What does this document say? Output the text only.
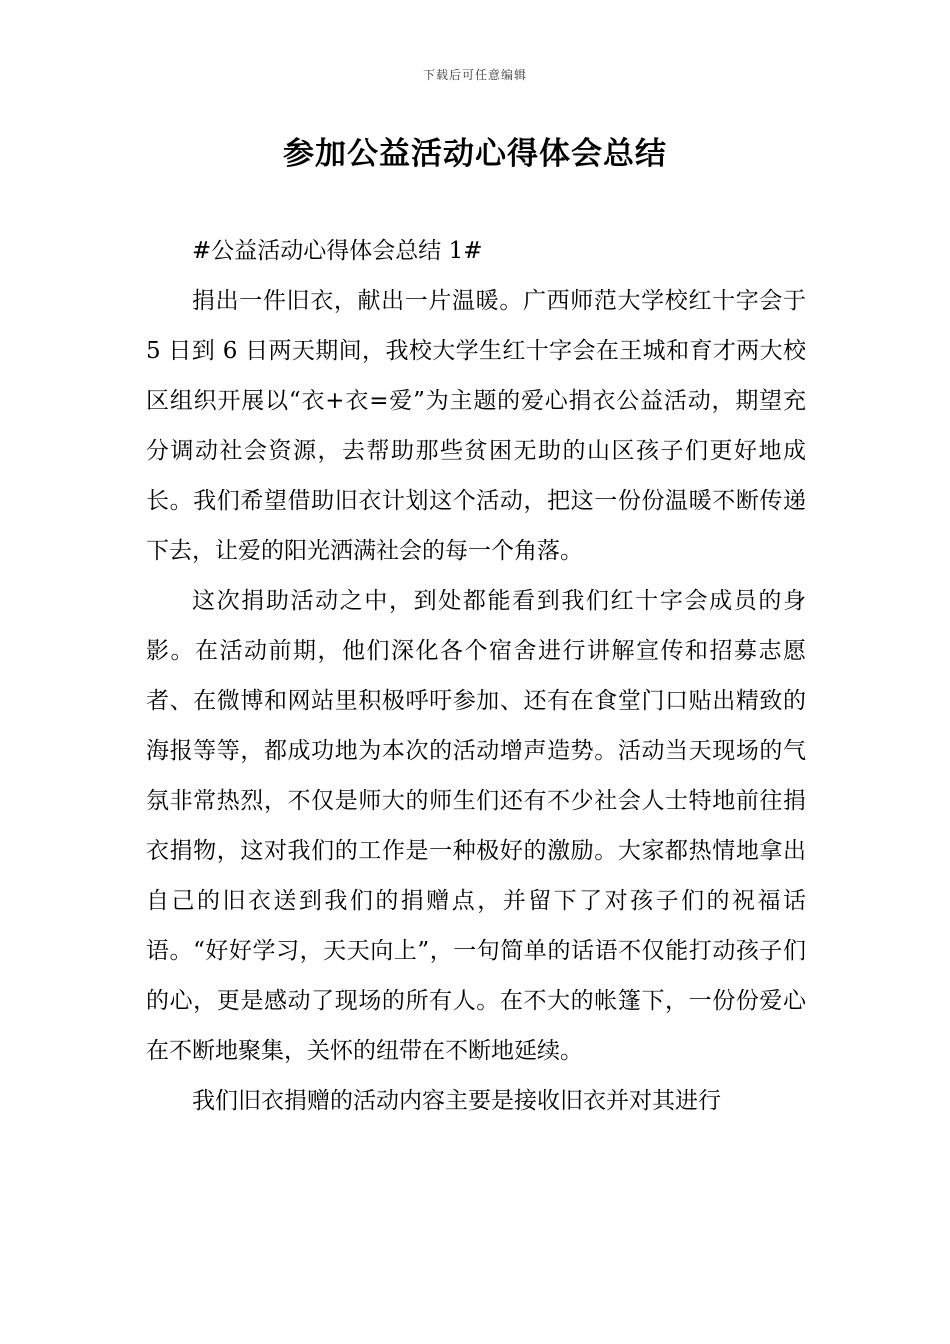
下载后可任意编辑
参加公益活动心得体会总结

#公益活动心得体会总结 1#

捐出一件旧衣，献出一片温暖。广西师范大学校红十字会于 5 日到 6 日两天期间，我校大学生红十字会在王城和育才两大校区组织开展以“衣+衣=爱”为主题的爱心捐衣公益活动，期望充分调动社会资源，去帮助那些贫困无助的山区孩子们更好地成长。我们希望借助旧衣计划这个活动，把这一份份温暖不断传递下去，让爱的阳光洒满社会的每一个角落。

这次捐助活动之中，到处都能看到我们红十字会成员的身影。在活动前期，他们深化各个宿舍进行讲解宣传和招募志愿者、在微博和网站里积极呼吁参加、还有在食堂门口贴出精致的海报等等，都成功地为本次的活动增声造势。活动当天现场的气氛非常热烈，不仅是师大的师生们还有不少社会人士特地前往捐衣捐物，这对我们的工作是一种极好的激励。大家都热情地拿出自己的旧衣送到我们的捐赠点，并留下了对孩子们的祝福话语。“好好学习，天天向上”，一句简单的话语不仅能打动孩子们的心，更是感动了现场的所有人。在不大的帐篷下，一份份爱心在不断地聚集，关怀的纽带在不断地延续。

我们旧衣捐赠的活动内容主要是接收旧衣并对其进行
